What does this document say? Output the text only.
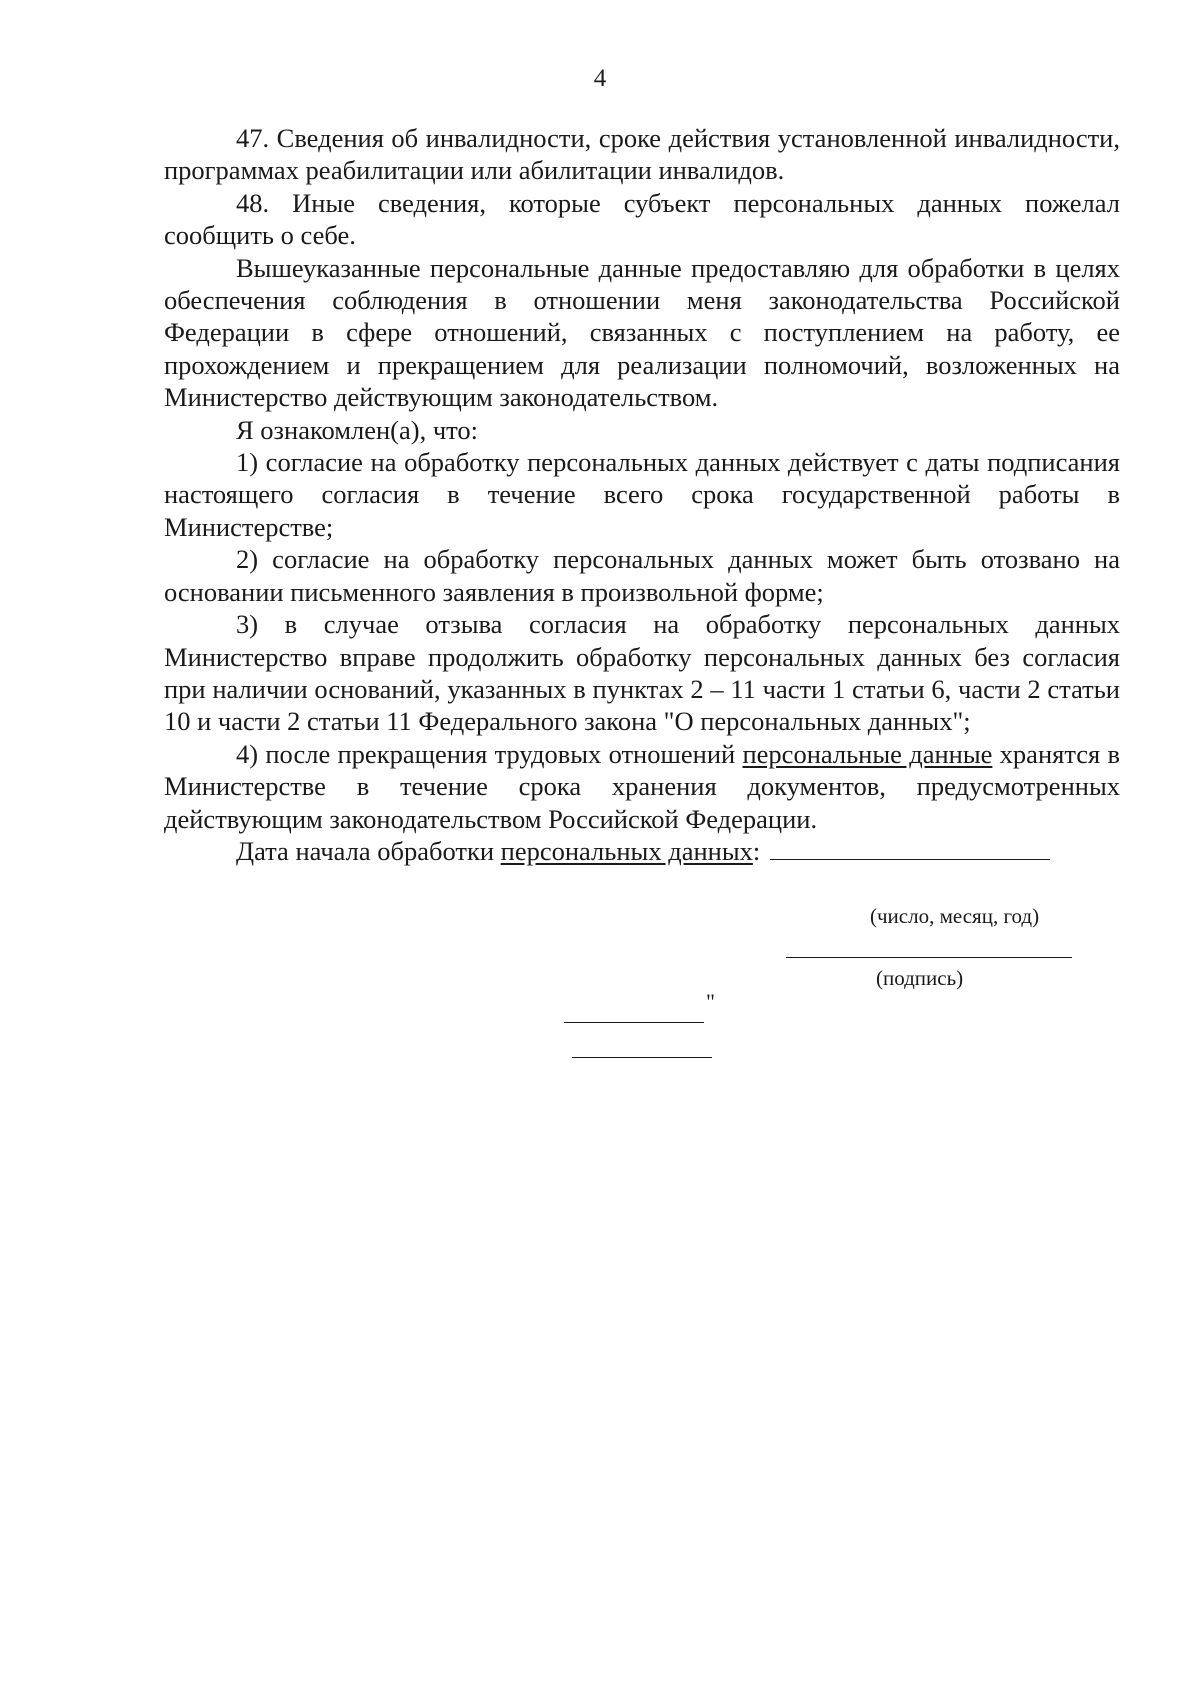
4

47. Сведения об инвалидности, сроке действия установленной инвалидности, программах реабилитации или абилитации инвалидов.

48. Иные сведения, которые субъект персональных данных пожелал сообщить о себе.

Вышеуказанные персональные данные предоставляю для обработки в целях обеспечения соблюдения в отношении меня законодательства Российской Федерации в сфере отношений, связанных с поступлением на работу, ее прохождением и прекращением для реализации полномочий, возложенных на Министерство действующим законодательством.

Я ознакомлен(а), что:

1) согласие на обработку персональных данных действует с даты подписания настоящего согласия в течение всего срока государственной работы в Министерстве;

2) согласие на обработку персональных данных может быть отозвано на основании письменного заявления в произвольной форме;

3) в случае отзыва согласия на обработку персональных данных Министерство вправе продолжить обработку персональных данных без согласия при наличии оснований, указанных в пунктах 2 – 11 части 1 статьи 6, части 2 статьи 10 и части 2 статьи 11 Федерального закона "О персональных данных";

4) после прекращения трудовых отношений персональные данные хранятся в Министерстве в течение срока хранения документов, предусмотренных действующим законодательством Российской Федерации.

Дата начала обработки персональных данных:

(число, месяц, год)
(подпись)
"
